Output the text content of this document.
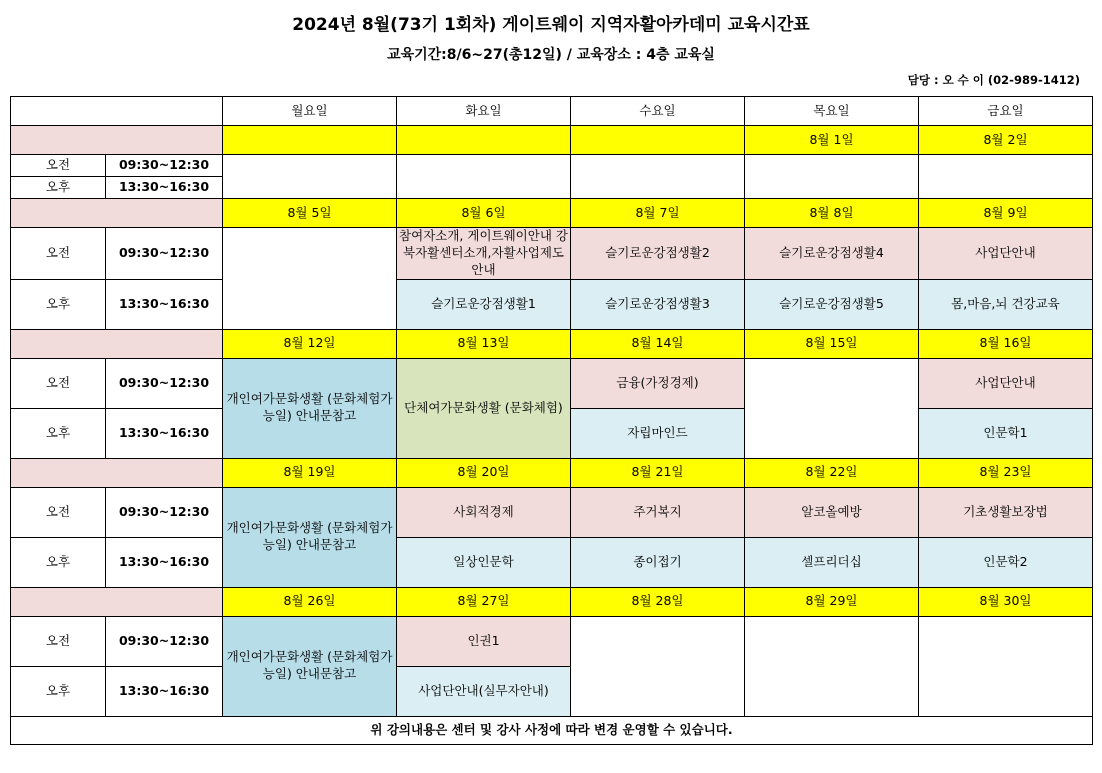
2024년 8월(73기 1회차) 게이트웨이 지역자활아카데미 교육시간표
교육기간:8/6~27(총12일) / 교육장소 : 4층 교육실
담당 : 오 수 이 (02-989-1412)
		월요일	화요일	수요일	목요일	금요일
					8월 1일	8월 2일
오전	09:30~12:30					
오후	13:30~16:30					
		8월 5일	8월 6일	8월 7일	8월 8일	8월 9일
오전	09:30~12:30		참여자소개, 게이트웨이안내 강북자활센터소개,자활사업제도안내	슬기로운강점생활2	슬기로운강점생활4	사업단안내
오후	13:30~16:30		슬기로운강점생활1	슬기로운강점생활3	슬기로운강점생활5	몸,마음,뇌 건강교육
		8월 12일	8월 13일	8월 14일	8월 15일	8월 16일
오전	09:30~12:30	개인여가문화생활 (문화체험가능일) 안내문참고	단체여가문화생활 (문화체험)	금융(가정경제)		사업단안내
오후	13:30~16:30			자립마인드		인문학1
		8월 19일	8월 20일	8월 21일	8월 22일	8월 23일
오전	09:30~12:30	개인여가문화생활 (문화체험가능일) 안내문참고	사회적경제	주거복지	알코올예방	기초생활보장법
오후	13:30~16:30		일상인문학	종이접기	셀프리더십	인문학2
		8월 26일	8월 27일	8월 28일	8월 29일	8월 30일
오전	09:30~12:30	개인여가문화생활 (문화체험가능일) 안내문참고	인권1			
오후	13:30~16:30		사업단안내(실무자안내)			
위 강의내용은 센터 및 강사 사정에 따라 변경 운영할 수 있습니다.						
